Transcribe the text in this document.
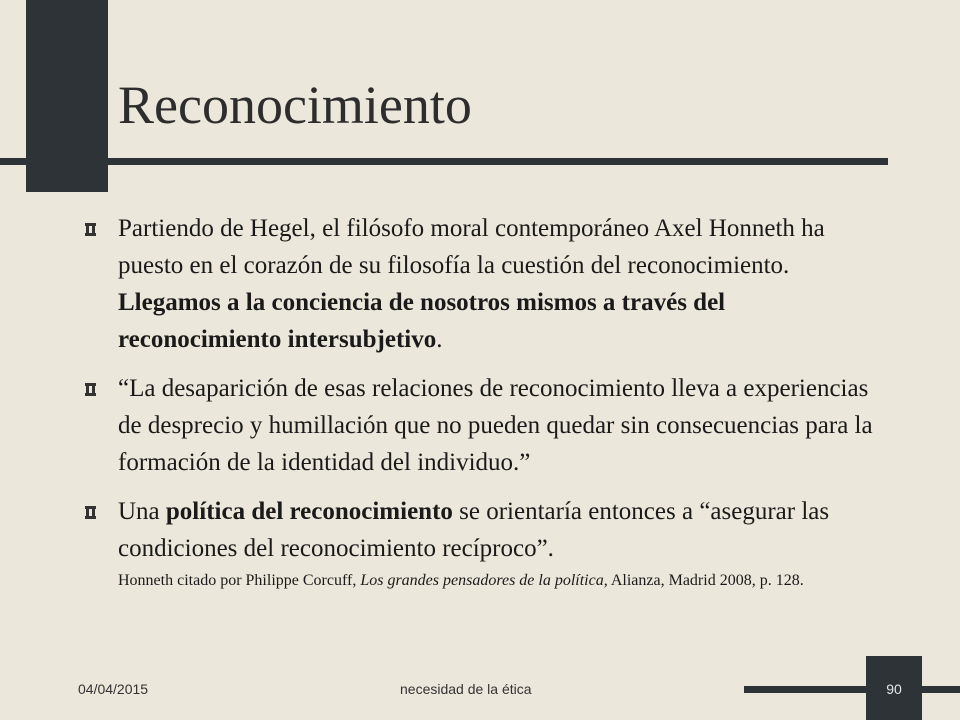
Reconocimiento
Partiendo de Hegel, el filósofo moral contemporáneo Axel Honneth ha puesto en el corazón de su filosofía la cuestión del reconocimiento. Llegamos a la conciencia de nosotros mismos a través del reconocimiento intersubjetivo.
“La desaparición de esas relaciones de reconocimiento lleva a experiencias de desprecio y humillación que no pueden quedar sin consecuencias para la formación de la identidad del individuo.”
Una política del reconocimiento se orientaría entonces a “asegurar las condiciones del reconocimiento recíproco”.
Honneth citado por Philippe Corcuff, Los grandes pensadores de la política, Alianza, Madrid 2008, p. 128.
04/04/2015	necesidad de la ética	90
